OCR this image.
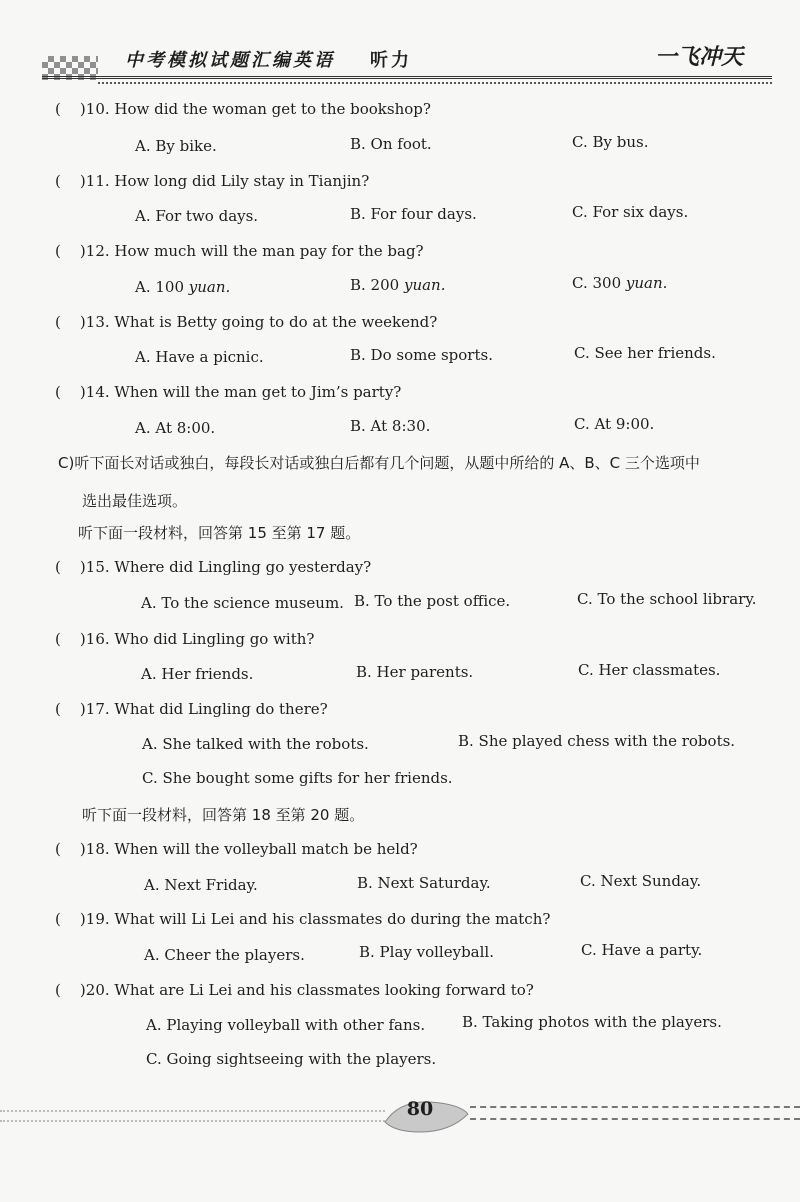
中考模拟试题汇编英语 听力	一飞冲天
(    )10. How did the woman get to the bookshop?
A. By bike.	B. On foot.	C. By bus.
(    )11. How long did Lily stay in Tianjin?
A. For two days.	B. For four days.	C. For six days.
(    )12. How much will the man pay for the bag?
A. 100 yuan.	B. 200 yuan.	C. 300 yuan.
(    )13. What is Betty going to do at the weekend?
A. Have a picnic.	B. Do some sports.	C. See her friends.
(    )14. When will the man get to Jim’s party?
A. At 8:00.	B. At 8:30.	C. At 9:00.
C)听下面长对话或独白，每段长对话或独白后都有几个问题，从题中所给的 A、B、C 三个选项中
选出最佳选项。
听下面一段材料，回答第 15 至第 17 题。
(    )15. Where did Lingling go yesterday?
A. To the science museum. B. To the post office.	C. To the school library.
(    )16. Who did Lingling go with?
A. Her friends.	B. Her parents.	C. Her classmates.
(    )17. What did Lingling do there?
A. She talked with the robots.	B. She played chess with the robots.
C. She bought some gifts for her friends.
听下面一段材料，回答第 18 至第 20 题。
(    )18. When will the volleyball match be held?
A. Next Friday.	B. Next Saturday.	C. Next Sunday.
(    )19. What will Li Lei and his classmates do during the match?
A. Cheer the players.	B. Play volleyball.	C. Have a party.
(    )20. What are Li Lei and his classmates looking forward to?
A. Playing volleyball with other fans. B. Taking photos with the players.
C. Going sightseeing with the players.
80
